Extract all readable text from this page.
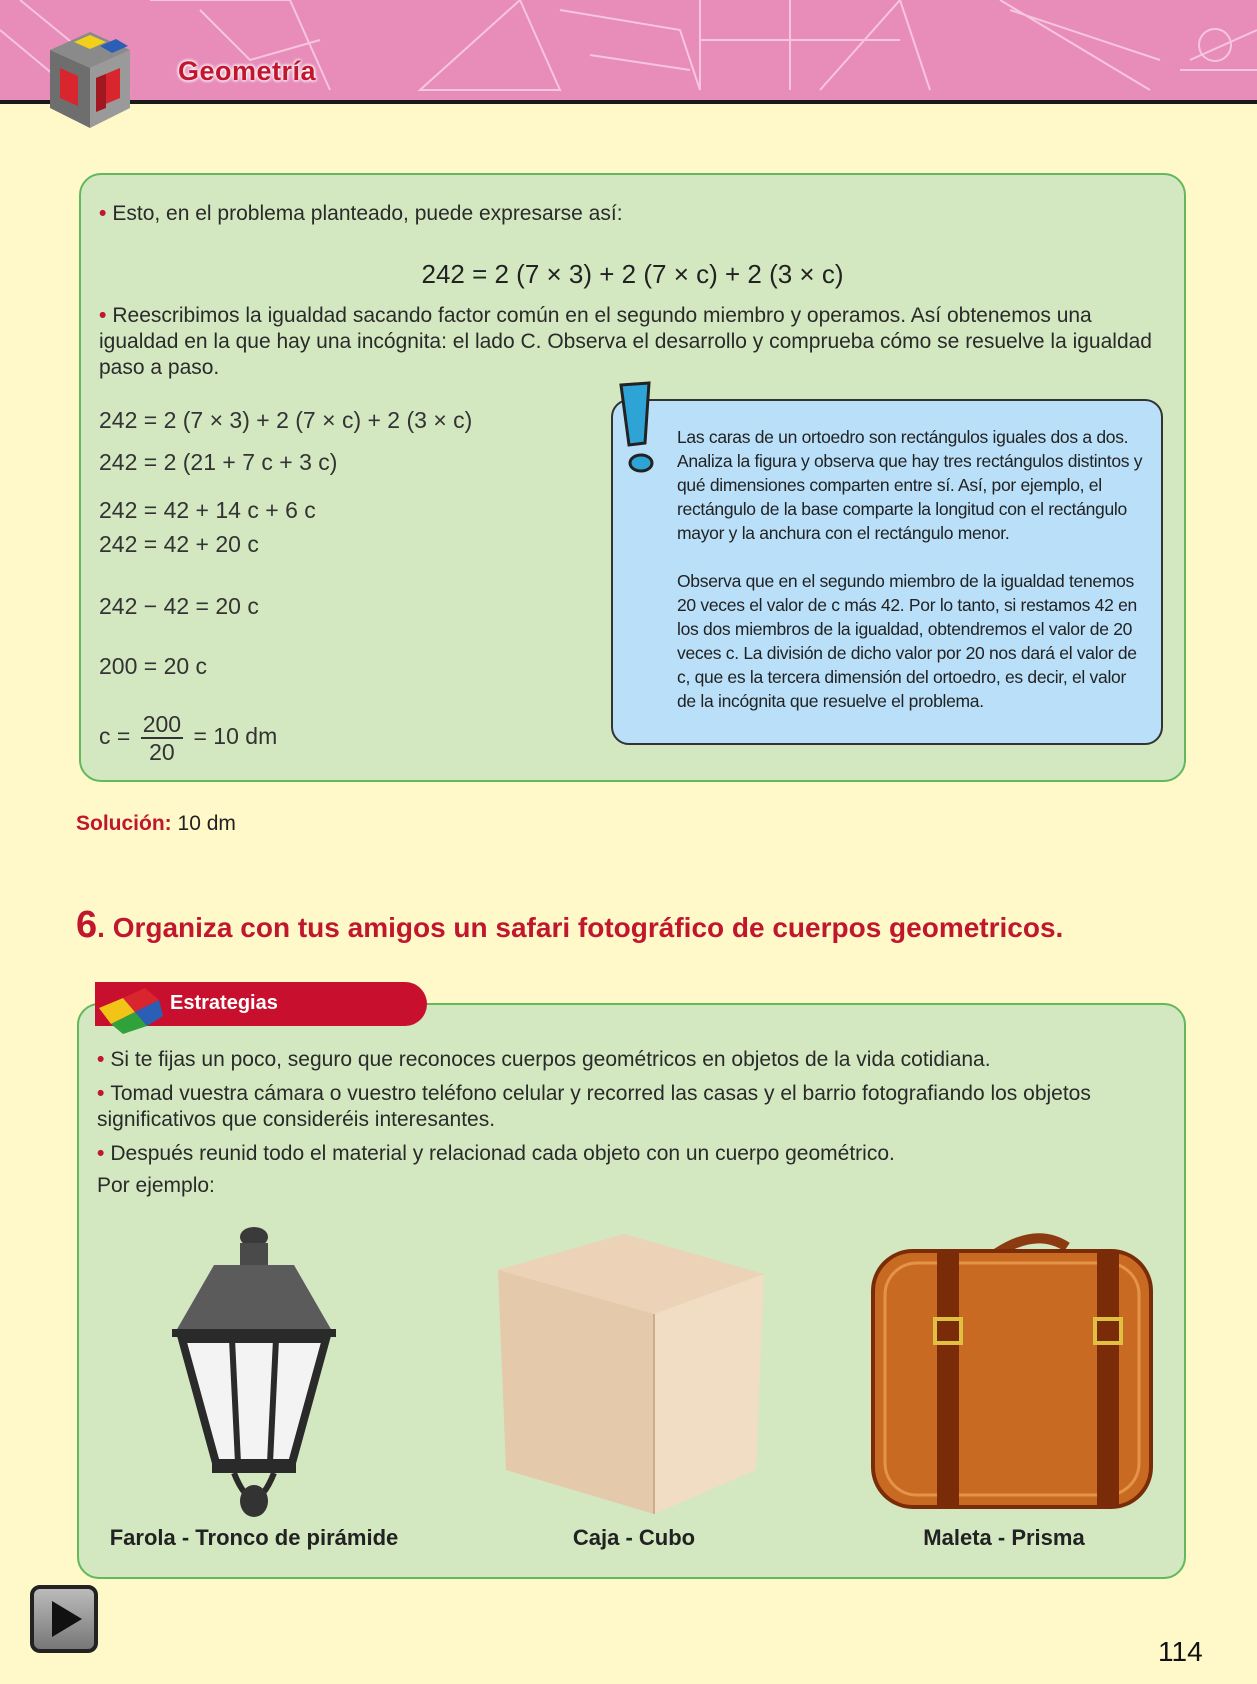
Geometría
• Esto, en el problema planteado, puede expresarse así:
242 = 2 (7 × 3) + 2 (7 × c) + 2 (3 × c)
• Reescribimos la igualdad sacando factor común en el segundo miembro y operamos. Así obtenemos una igualdad en la que hay una incógnita: el lado C. Observa el desarrollo y comprueba cómo se resuelve la igualdad paso a paso.
242 = 2 (7 × 3) + 2 (7 × c) + 2 (3 × c)
242 = 2 (21 + 7 c + 3 c)
242 = 42 + 14 c + 6 c
242 = 42 + 20 c
242 − 42 = 20 c
200 = 20 c
$c = \frac{200}{20} = 10$ dm
Las caras de un ortoedro son rectángulos iguales dos a dos. Analiza la figura y observa que hay tres rectángulos distintos y qué dimensiones comparten entre sí. Así, por ejemplo, el rectángulo de la base comparte la longitud con el rectángulo mayor y la anchura con el rectángulo menor.
Observa que en el segundo miembro de la igualdad tenemos 20 veces el valor de c más 42. Por lo tanto, si restamos 42 en los dos miembros de la igualdad, obtendremos el valor de 20 veces c. La división de dicho valor por 20 nos dará el valor de c, que es la tercera dimensión del ortoedro, es decir, el valor de la incógnita que resuelve el problema.
Solución: 10 dm
6. Organiza con tus amigos un safari fotográfico de cuerpos geometricos.
• Si te fijas un poco, seguro que reconoces cuerpos geométricos en objetos de la vida cotidiana.
• Tomad vuestra cámara o vuestro teléfono celular y recorred las casas y el barrio fotografiando los objetos significativos que consideréis interesantes.
• Después reunid todo el material y relacionad cada objeto con un cuerpo geométrico.
Por ejemplo:
Farola - Tronco de pirámide	Caja - Cubo	Maleta - Prisma
Estrategias
114
